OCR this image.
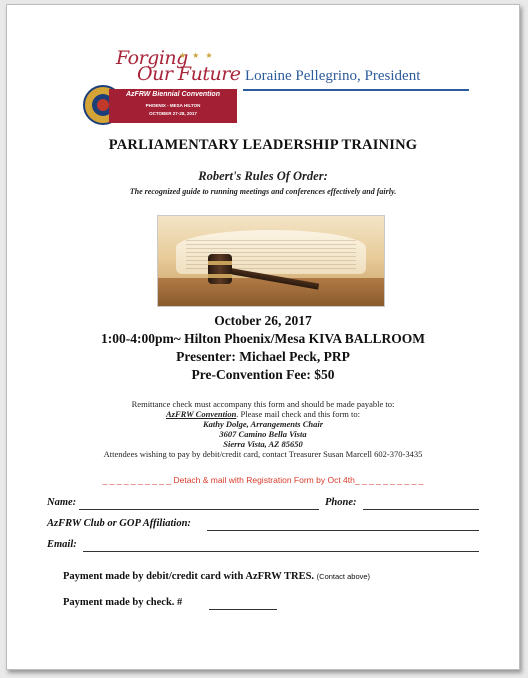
Forging
★ ★ ★
Our Future
AzFRW Biennial Convention
PHOENIX - MESA HILTON
OCTOBER 27-28, 2017
Loraine Pellegrino, President
PARLIAMENTARY LEADERSHIP TRAINING
Robert's Rules Of Order:
The recognized guide to running meetings and conferences effectively and fairly.
October 26, 2017
1:00-4:00pm~ Hilton Phoenix/Mesa KIVA BALLROOM
Presenter: Michael Peck, PRP
Pre-Convention Fee: $50
Remittance check must accompany this form and should be made payable to:
AzFRW Convention. Please mail check and this form to:
Kathy Dolge, Arrangements Chair
3607 Camino Bella Vista
Sierra Vista, AZ 85650
Attendees wishing to pay by debit/credit card, contact Treasurer Susan Marcell 602-370-3435
_ _ _ _ _ _ _ _ _ _ Detach & mail with Registration Form by Oct 4th_ _ _ _ _ _ _ _ _ _
Name:	Phone:
AzFRW Club or GOP Affiliation:
Email:
Payment made by debit/credit card with AzFRW TRES. (Contact above)
Payment made by check. #
